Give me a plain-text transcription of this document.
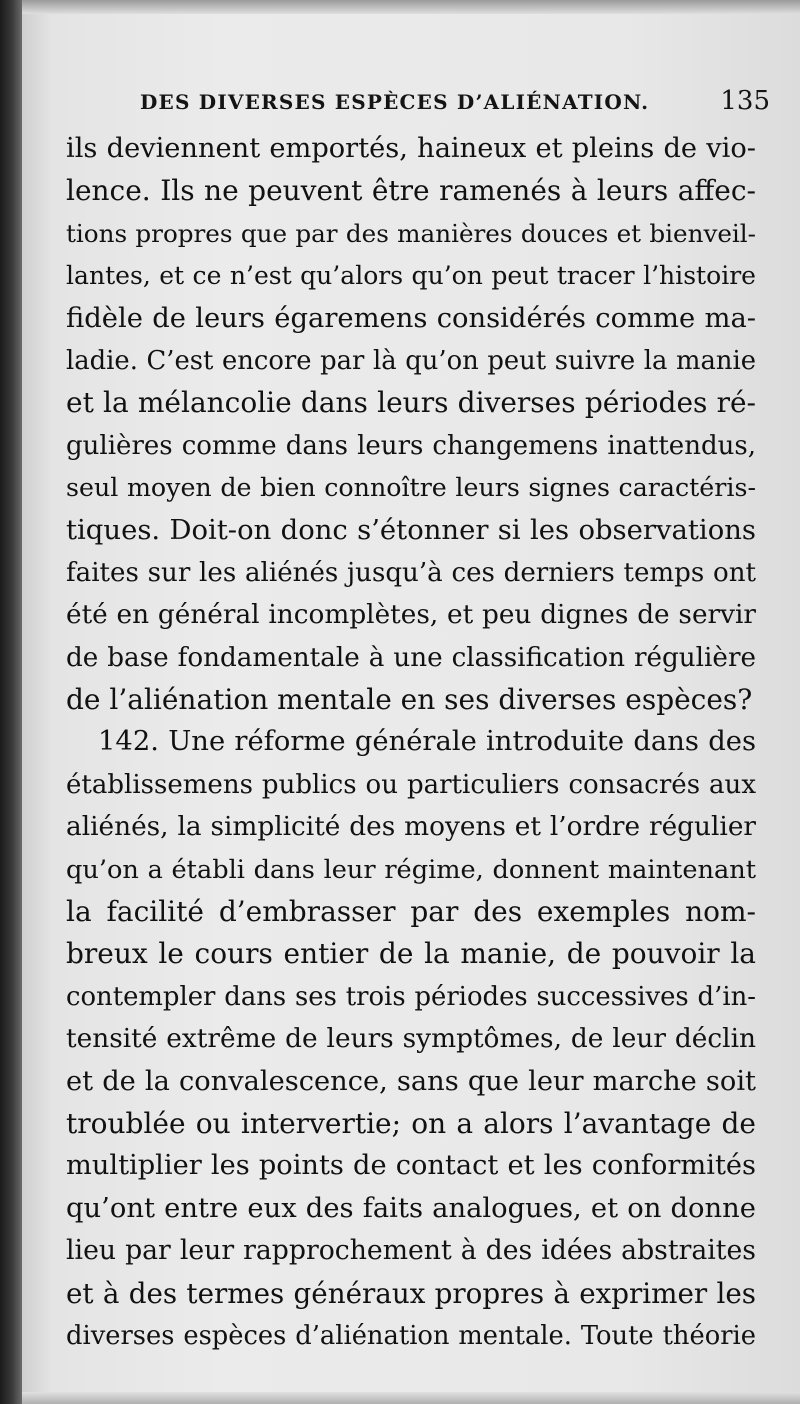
DES DIVERSES ESPÈCES D’ALIÉNATION.	135
ils deviennent emportés, haineux et pleins de vio-
lence. Ils ne peuvent être ramenés à leurs affec-
tions propres que par des manières douces et bienveil-
lantes, et ce n’est qu’alors qu’on peut tracer l’histoire
fidèle de leurs égaremens considérés comme ma-
ladie. C’est encore par là qu’on peut suivre la manie
et la mélancolie dans leurs diverses périodes ré-
gulières comme dans leurs changemens inattendus,
seul moyen de bien connoître leurs signes caractéris-
tiques. Doit-on donc s’étonner si les observations
faites sur les aliénés jusqu’à ces derniers temps ont
été en général incomplètes, et peu dignes de servir
de base fondamentale à une classification régulière
de l’aliénation mentale en ses diverses espèces?
142. Une réforme générale introduite dans des
établissemens publics ou particuliers consacrés aux
aliénés, la simplicité des moyens et l’ordre régulier
qu’on a établi dans leur régime, donnent maintenant
la facilité d’embrasser par des exemples nom-
breux le cours entier de la manie, de pouvoir la
contempler dans ses trois périodes successives d’in-
tensité extrême de leurs symptômes, de leur déclin
et de la convalescence, sans que leur marche soit
troublée ou intervertie; on a alors l’avantage de
multiplier les points de contact et les conformités
qu’ont entre eux des faits analogues, et on donne
lieu par leur rapprochement à des idées abstraites
et à des termes généraux propres à exprimer les
diverses espèces d’aliénation mentale. Toute théorie
